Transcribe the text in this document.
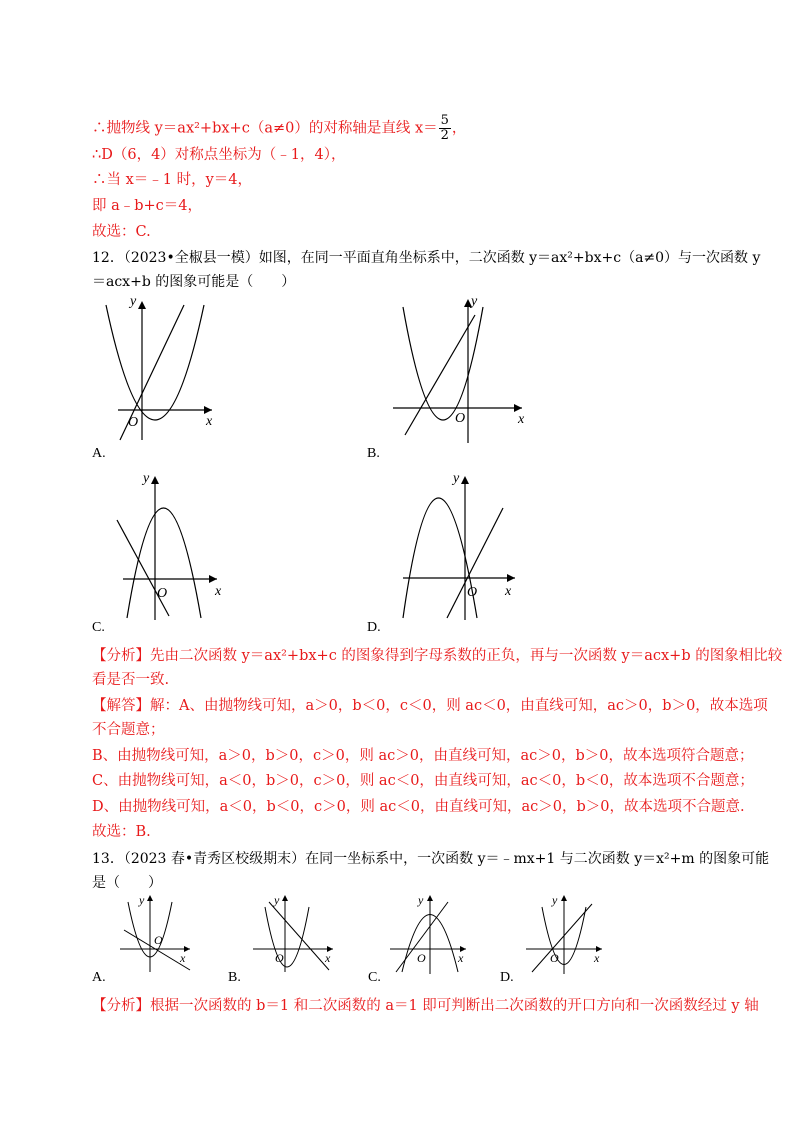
∴抛物线 y＝ax²+bx+c（a≠0）的对称轴是直线 $x= \frac{5}{2}$ ，
∴D（6，4）对称点坐标为（﹣1，4），
∴当 x＝﹣1 时，y＝4，
即 a﹣b+c＝4，
故选：C.
12．（2023•全椒县一模）如图，在同一平面直角坐标系中，二次函数 y＝ax²+bx+c（a≠0）与一次函数 y
＝acx+b 的图象可能是（　　）
y
x
O
A.
y
x
O
B.
y
x
O
C.
y
x
O
D.
【分析】先由二次函数 y＝ax²+bx+c 的图象得到字母系数的正负，再与一次函数 y＝acx+b 的图象相比较
看是否一致.
【解答】解：A、由抛物线可知，a＞0，b＜0，c＜0，则 ac＜0，由直线可知，ac＞0，b＞0，故本选项
不合题意；
B、由抛物线可知，a＞0，b＞0，c＞0，则 ac＞0，由直线可知，ac＞0，b＞0，故本选项符合题意；
C、由抛物线可知，a＜0，b＞0，c＞0，则 ac＜0，由直线可知，ac＜0，b＜0，故本选项不合题意；
D、由抛物线可知，a＜0，b＜0，c＞0，则 ac＜0，由直线可知，ac＞0，b＞0，故本选项不合题意.
故选：B.
13．（2023 春•青秀区校级期末）在同一坐标系中，一次函数 y＝﹣mx+1 与二次函数 y＝x²+m 的图象可能
是（　　）
y
x
O
A.
y
x
O
B.
y
x
O
C.
y
x
O
D.
【分析】根据一次函数的 b＝1 和二次函数的 a＝1 即可判断出二次函数的开口方向和一次函数经过 y 轴
